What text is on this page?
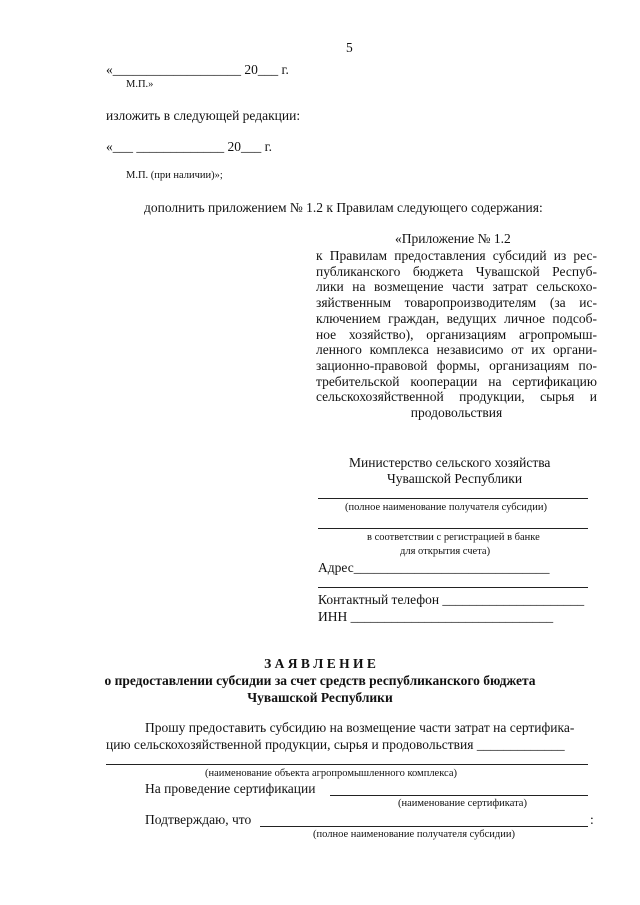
5
«___________________ 20___ г.
М.П.»
изложить в следующей редакции:
«___ _____________ 20___ г.
М.П. (при наличии)»;
дополнить приложением № 1.2 к Правилам следующего содержания:
«Приложение № 1.2
к Правилам предоставления субсидий из рес-
публиканского бюджета Чувашской Респуб-
лики на возмещение части затрат сельскохо-
зяйственным товаропроизводителям (за ис-
ключением граждан, ведущих личное подсоб-
ное хозяйство), организациям агропромыш-
ленного комплекса независимо от их органи-
зационно-правовой формы, организациям по-
требительской кооперации на сертификацию
сельскохозяйственной продукции, сырья и
продовольствия
Министерство сельского хозяйства
Чувашской Республики
(полное наименование получателя субсидии)
в соответствии с регистрацией в банке
для открытия счета)
Адрес_____________________________
Контактный телефон _____________________
ИНН ______________________________
З А Я В Л Е Н И Е
о предоставлении субсидии за счет средств республиканского бюджета
Чувашской Республики
Прошу предоставить субсидию на возмещение части затрат на сертифика-
цию сельскохозяйственной продукции, сырья и продовольствия _____________
(наименование объекта агропромышленного комплекса)
На проведение сертификации
(наименование сертификата)
Подтверждаю, что	:
(полное наименование получателя субсидии)
